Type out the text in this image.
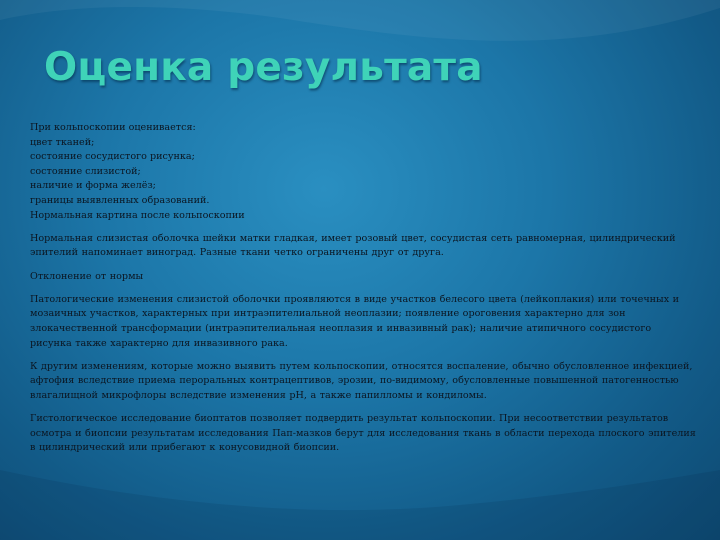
Оценка результата
При кольпоскопии оценивается:
цвет тканей;
состояние сосудистого рисунка;
состояние слизистой;
наличие и форма желёз;
границы выявленных образований.
Нормальная картина после кольпоскопии
Нормальная слизистая оболочка шейки матки гладкая, имеет розовый цвет, сосудистая сеть равномерная, цилиндрический эпителий напоминает виноград. Разные ткани четко ограничены друг от друга.
Отклонение от нормы
Патологические изменения слизистой оболочки проявляются в виде участков белесого цвета (лейкоплакия) или точечных и мозаичных участков, характерных при интраэпителиальной неоплазии; появление ороговения характерно для зон злокачественной трансформации (интраэпителиальная неоплазия и инвазивный рак); наличие атипичного сосудистого рисунка также характерно для инвазивного рака.
К другим изменениям, которые можно выявить путем кольпоскопии, относятся воспаление, обычно обусловленное инфекцией, афтофия вследствие приема пероральных контрацептивов, эрозии, по-видимому, обусловленные повышенной патогенностью влагалищной микрофлоры вследствие изменения pH, а также папилломы и кондиломы.
Гистологическое исследование биоптатов позволяет подвердить результат кольпоскопии. При несоответствии результатов осмотра и биопсии результатам исследования Пап-мазков берут для исследования ткань в области перехода плоского эпителия в цилиндрический или прибегают к конусовидной биопсии.
